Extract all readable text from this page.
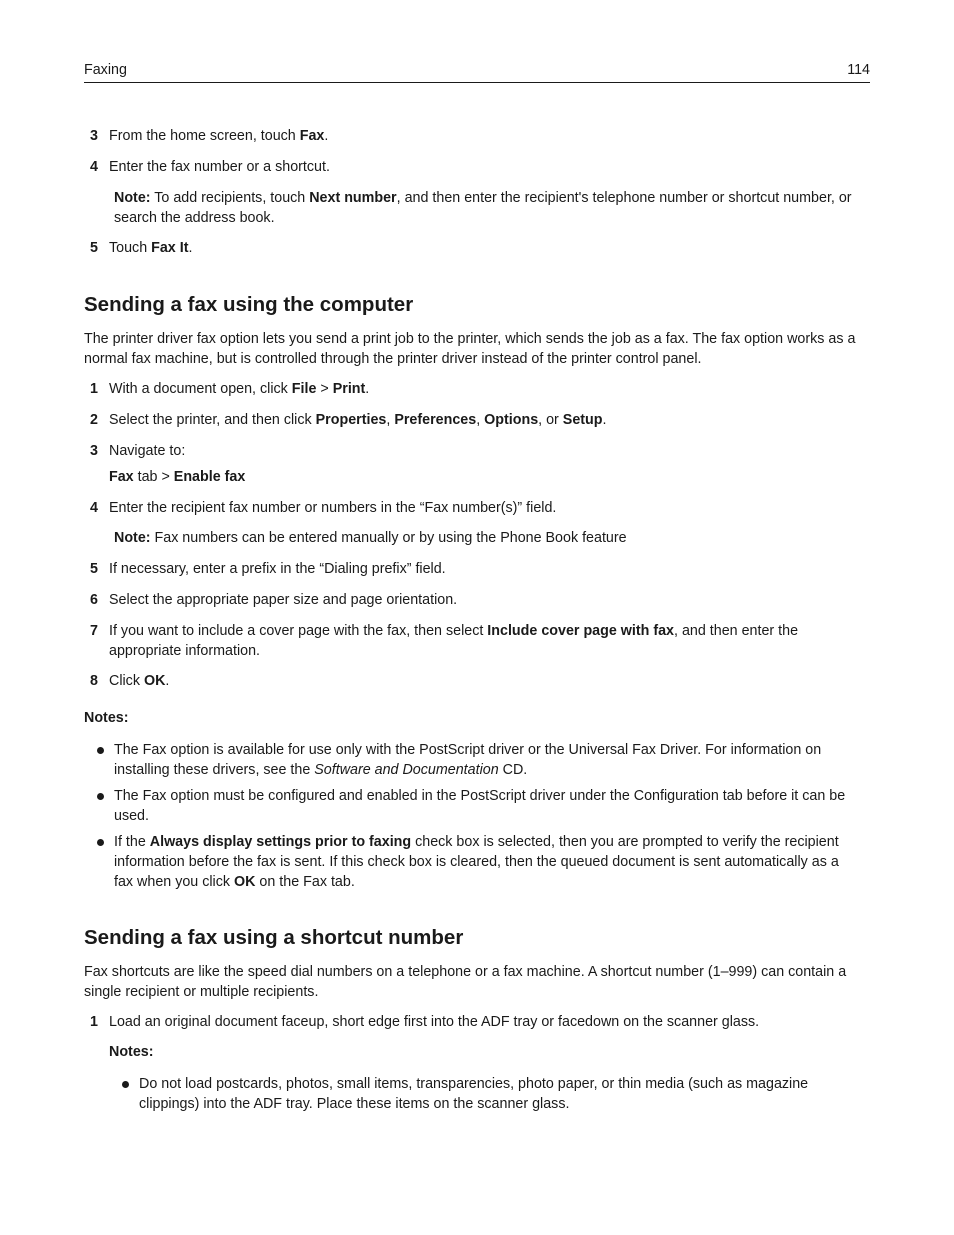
Faxing	114
3 From the home screen, touch Fax.
4 Enter the fax number or a shortcut.
Note: To add recipients, touch Next number, and then enter the recipient's telephone number or shortcut number, or search the address book.
5 Touch Fax It.
Sending a fax using the computer
The printer driver fax option lets you send a print job to the printer, which sends the job as a fax. The fax option works as a normal fax machine, but is controlled through the printer driver instead of the printer control panel.
1 With a document open, click File > Print.
2 Select the printer, and then click Properties, Preferences, Options, or Setup.
3 Navigate to:
Fax tab > Enable fax
4 Enter the recipient fax number or numbers in the “Fax number(s)” field.
Note: Fax numbers can be entered manually or by using the Phone Book feature
5 If necessary, enter a prefix in the “Dialing prefix” field.
6 Select the appropriate paper size and page orientation.
7 If you want to include a cover page with the fax, then select Include cover page with fax, and then enter the appropriate information.
8 Click OK.
Notes:
The Fax option is available for use only with the PostScript driver or the Universal Fax Driver. For information on installing these drivers, see the Software and Documentation CD.
The Fax option must be configured and enabled in the PostScript driver under the Configuration tab before it can be used.
If the Always display settings prior to faxing check box is selected, then you are prompted to verify the recipient information before the fax is sent. If this check box is cleared, then the queued document is sent automatically as a fax when you click OK on the Fax tab.
Sending a fax using a shortcut number
Fax shortcuts are like the speed dial numbers on a telephone or a fax machine. A shortcut number (1–999) can contain a single recipient or multiple recipients.
1 Load an original document faceup, short edge first into the ADF tray or facedown on the scanner glass.
Notes:
Do not load postcards, photos, small items, transparencies, photo paper, or thin media (such as magazine clippings) into the ADF tray. Place these items on the scanner glass.
